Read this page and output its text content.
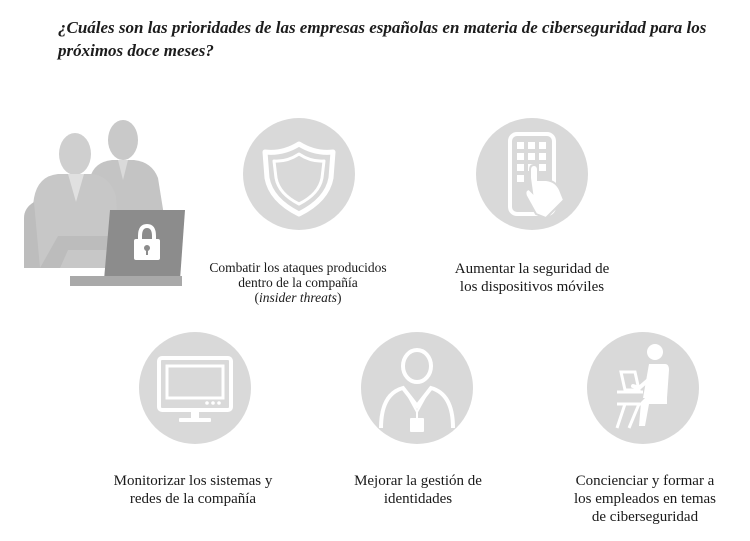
¿Cuáles son las prioridades de las empresas españolas en materia de ciberseguridad para los próximos doce meses?
Combatir los ataques producidos
dentro de la compañía
(insider threats)
Aumentar la seguridad de
los dispositivos móviles
Monitorizar los sistemas y
redes de la compañía
Mejorar la gestión de
identidades
Concienciar y formar a
los empleados en temas
de ciberseguridad
